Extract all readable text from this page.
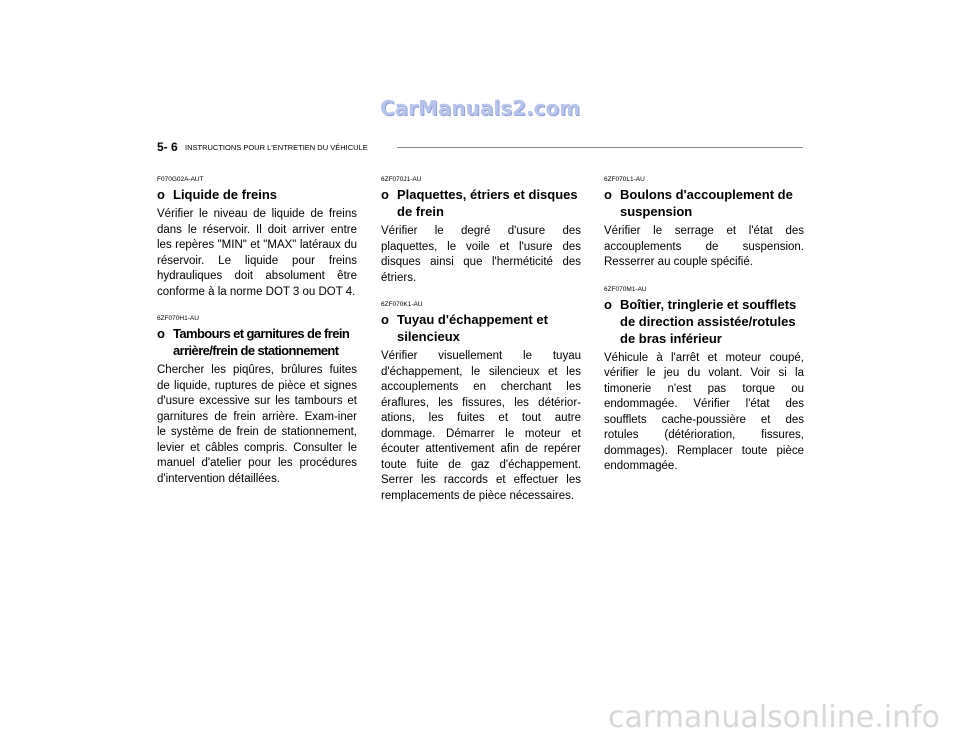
CarManuals2.com
5- 6 INSTRUCTIONS POUR L'ENTRETIEN DU VÉHICULE
F070G02A-AUT
o Liquide de freins
Vérifier le niveau de liquide de freins dans le réservoir. Il doit arriver entre les repères "MIN" et "MAX" latéraux du réservoir. Le liquide pour freins hydrauliques doit absolument être conforme à la norme DOT 3 ou DOT 4.
6ZF070H1-AU
o Tambours et garnitures de frein arrière/frein de stationnement
Chercher les piqûres, brûlures fuites de liquide, ruptures de pièce et signes d'usure excessive sur les tambours et garnitures de frein arrière. Exam-iner le système de frein de stationnement, levier et câbles compris. Consulter le manuel d'atelier pour les procédures d'intervention détaillées.
6ZF070J1-AU
o Plaquettes, étriers et disques de frein
Vérifier le degré d'usure des plaquettes, le voile et l'usure des disques ainsi que l'herméticité des étriers.
6ZF070K1-AU
o Tuyau d'échappement et silencieux
Vérifier visuellement le tuyau d'échappement, le silencieux et les accouplements en cherchant les éraflures, les fissures, les détérior-ations, les fuites et tout autre dommage. Démarrer le moteur et écouter attentivement afin de repérer toute fuite de gaz d'échappement. Serrer les raccords et effectuer les remplacements de pièce nécessaires.
6ZF070L1-AU
o Boulons d'accouplement de suspension
Vérifier le serrage et l'état des accouplements de suspension. Resserrer au couple spécifié.
6ZF070M1-AU
o Boîtier, tringlerie et soufflets de direction assistée/rotules de bras inférieur
Véhicule à l'arrêt et moteur coupé, vérifier le jeu du volant. Voir si la timonerie n'est pas torque ou endommagée. Vérifier l'état des soufflets cache-poussière et des rotules (détérioration, fissures, dommages). Remplacer toute pièce endommagée.
carmanualsonline.info
